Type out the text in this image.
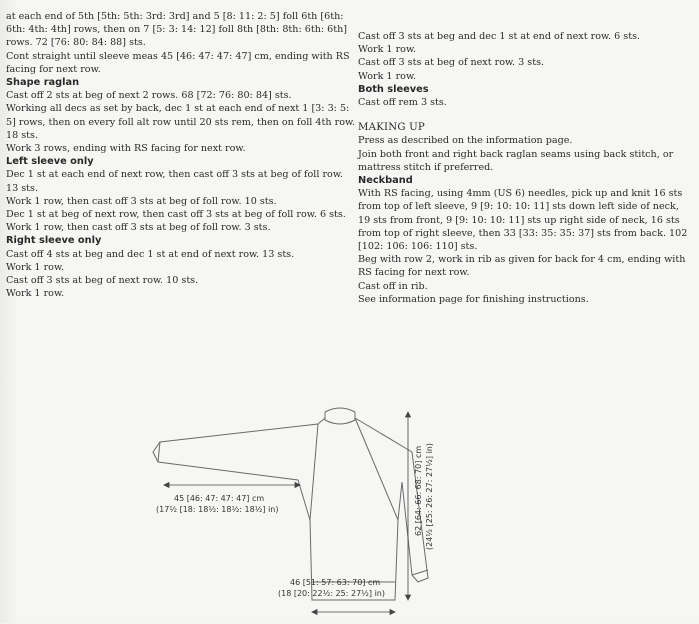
at each end of 5th [5th: 5th: 3rd: 3rd] and 5 [8: 11: 2: 5] foll 6th [6th: 6th: 4th: 4th] rows, then on 7 [5: 3: 14: 12] foll 8th [8th: 8th: 6th: 6th] rows. 72 [76: 80: 84: 88] sts.

Cont straight until sleeve meas 45 [46: 47: 47: 47] cm, ending with RS facing for next row.

Shape raglan

Cast off 2 sts at beg of next 2 rows. 68 [72: 76: 80: 84] sts.

Working all decs as set by back, dec 1 st at each end of next 1 [3: 3: 5: 5] rows, then on every foll alt row until 20 sts rem, then on foll 4th row. 18 sts.

Work 3 rows, ending with RS facing for next row.

Left sleeve only

Dec 1 st at each end of next row, then cast off 3 sts at beg of foll row. 13 sts.

Work 1 row, then cast off 3 sts at beg of foll row. 10 sts.

Dec 1 st at beg of next row, then cast off 3 sts at beg of foll row. 6 sts.

Work 1 row, then cast off 3 sts at beg of foll row. 3 sts.

Right sleeve only

Cast off 4 sts at beg and dec 1 st at end of next row. 13 sts.

Work 1 row.

Cast off 3 sts at beg of next row. 10 sts.

Work 1 row.

Cast off 3 sts at beg and dec 1 st at end of next row. 6 sts.

Work 1 row.

Cast off 3 sts at beg of next row. 3 sts.

Work 1 row.

Both sleeves

Cast off rem 3 sts.

MAKING UP

Press as described on the information page.

Join both front and right back raglan seams using back stitch, or mattress stitch if preferred.

Neckband

With RS facing, using 4mm (US 6) needles, pick up and knit 16 sts from top of left sleeve, 9 [9: 10: 10: 11] sts down left side of neck, 19 sts from front, 9 [9: 10: 10: 11] sts up right side of neck, 16 sts from top of right sleeve, then 33 [33: 35: 35: 37] sts from back. 102 [102: 106: 106: 110] sts.

Beg with row 2, work in rib as given for back for 4 cm, ending with RS facing for next row.

Cast off in rib.

See information page for finishing instructions.

45 [46: 47: 47: 47] cm
(17½ [18: 18½: 18½: 18½] in)
46 [51: 57: 63: 70] cm
(18 [20: 22½: 25: 27½] in)
62 [64: 66: 68: 70] cm (24½ [25: 26: 27: 27½] in)
